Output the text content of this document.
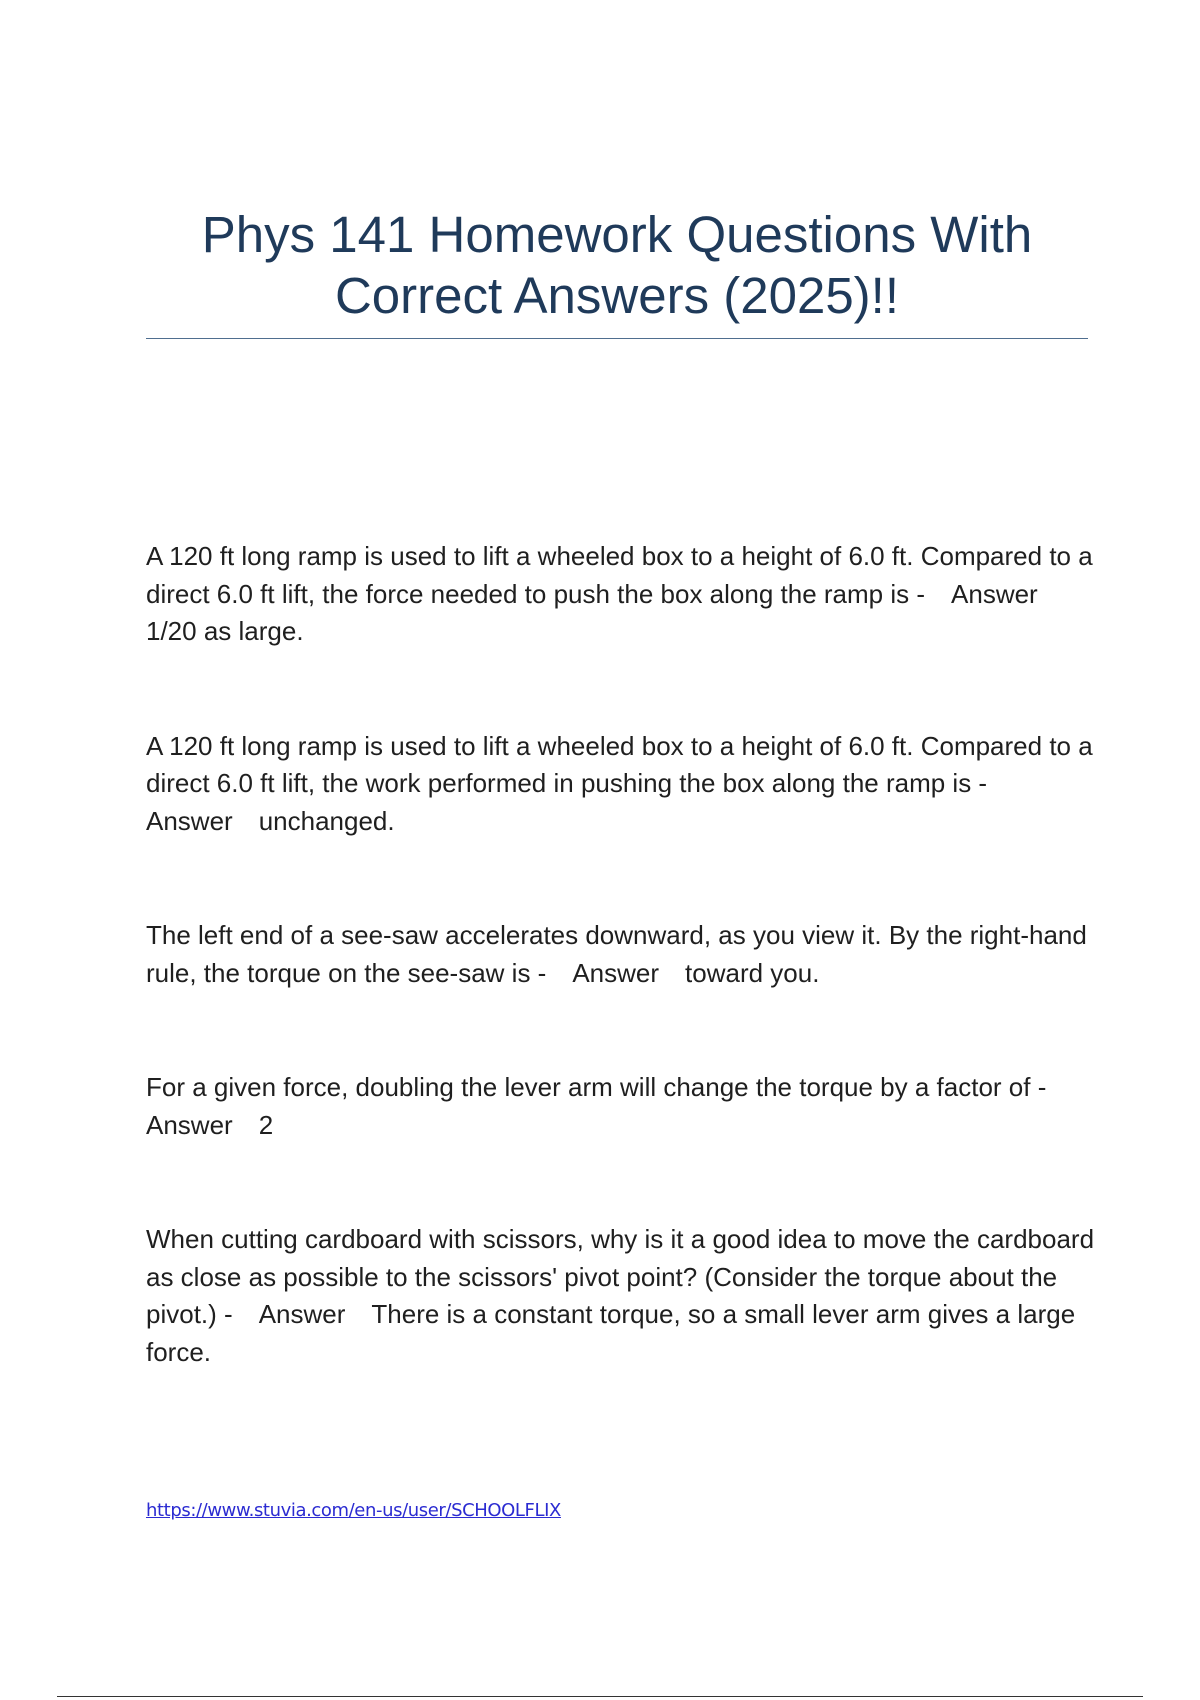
Phys 141 Homework Questions With Correct Answers (2025)!!

A 120 ft long ramp is used to lift a wheeled box to a height of 6.0 ft. Compared to a direct 6.0 ft lift, the force needed to push the box along the ramp is - Answer1/20 as large.

A 120 ft long ramp is used to lift a wheeled box to a height of 6.0 ft. Compared to a direct 6.0 ft lift, the work performed in pushing the box along the ramp is -Answer unchanged.

The left end of a see-saw accelerates downward, as you view it. By the right-hand rule, the torque on the see-saw is - Answer toward you.

For a given force, doubling the lever arm will change the torque by a factor of -Answer 2

When cutting cardboard with scissors, why is it a good idea to move the cardboard as close as possible to the scissors' pivot point? (Consider the torque about the pivot.) - Answer There is a constant torque, so a small lever arm gives a large force.

https://www.stuvia.com/en-us/user/SCHOOLFLIX
